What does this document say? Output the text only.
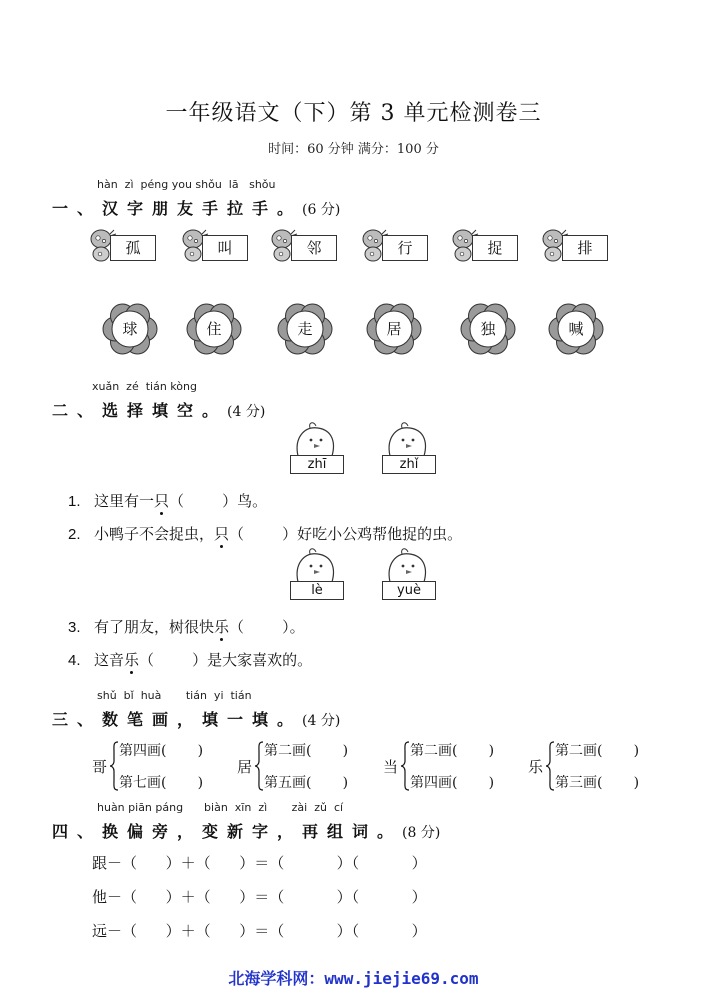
一年级语文（下）第 3 单元检测卷三
时间：60 分钟 满分：100 分
hàn  zì  péng you shǒu  lā   shǒu
一、汉字朋友手拉手。(6 分)
孤	叫	邻	行	捉	排
球	住	走	居	独	喊
xuǎn  zé  tián kòng
二、选择填空。(4 分)
zhī	zhǐ
1. 这里有一只（        ）鸟。
2. 小鸭子不会捉虫，只（        ）好吃小公鸡帮他捉的虫。
lè	yuè
3. 有了朋友，树很快乐（        ）。
4. 这音乐（        ）是大家喜欢的。
shǔ  bǐ  huà       tián  yi  tián
三、数笔画，填一填。(4 分)
哥
第四画(       )
第七画(       )
居
第二画(       )
第五画(       )
当
第二画(       )
第四画(       )
乐
第二画(       )
第三画(       )
huàn piān páng      biàn  xīn  zì       zài  zǔ  cí
四、换偏旁，变新字，再组词。(8 分)
跟－（      ）＋（      ）＝（           ）（           ）
他－（      ）＋（      ）＝（           ）（           ）
远－（      ）＋（      ）＝（           ）（           ）
北海学科网：www.jiejie69.com
